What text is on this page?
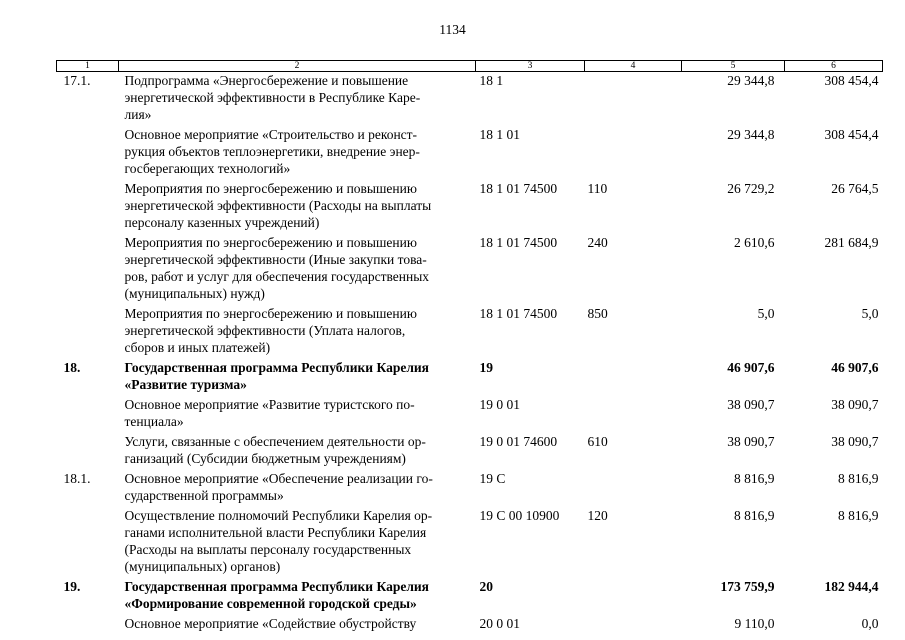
1134
1	2	3	4	5	6
17.1.	Подпрограмма «Энергосбережение и повышение
энергетической эффективности в Республике Каре-
лия»	18 1		29 344,8	308 454,4

	Основное мероприятие «Строительство и реконст-
рукция объектов теплоэнергетики, внедрение энер-
госберегающих технологий»	18 1 01		29 344,8	308 454,4

	Мероприятия по энергосбережению и повышению
энергетической эффективности (Расходы на выплаты
персоналу казенных учреждений)	18 1 01 74500	110	26 729,2	26 764,5

	Мероприятия по энергосбережению и повышению
энергетической эффективности (Иные закупки това-
ров, работ и услуг для обеспечения государственных
(муниципальных) нужд)	18 1 01 74500	240	2 610,6	281 684,9

	Мероприятия по энергосбережению и повышению
энергетической эффективности (Уплата налогов,
сборов и иных платежей)	18 1 01 74500	850	5,0	5,0
18.	Государственная программа Республики Карелия
«Развитие туризма»	19		46 907,6	46 907,6

	Основное мероприятие «Развитие туристского по-
тенциала»	19 0 01		38 090,7	38 090,7

	Услуги, связанные с обеспечением деятельности ор-
ганизаций (Субсидии бюджетным учреждениям)	19 0 01 74600	610	38 090,7	38 090,7
18.1.	Основное мероприятие «Обеспечение реализации го-
сударственной программы»	19 С		8 816,9	8 816,9

	Осуществление полномочий Республики Карелия ор-
ганами исполнительной власти Республики Карелия
(Расходы на выплаты персоналу государственных
(муниципальных) органов)	19 С 00 10900	120	8 816,9	8 816,9
19.	Государственная программа Республики Карелия
«Формирование современной городской среды»	20		173 759,9	182 944,4

	Основное мероприятие «Содействие обустройству	20 0 01		9 110,0	0,0
